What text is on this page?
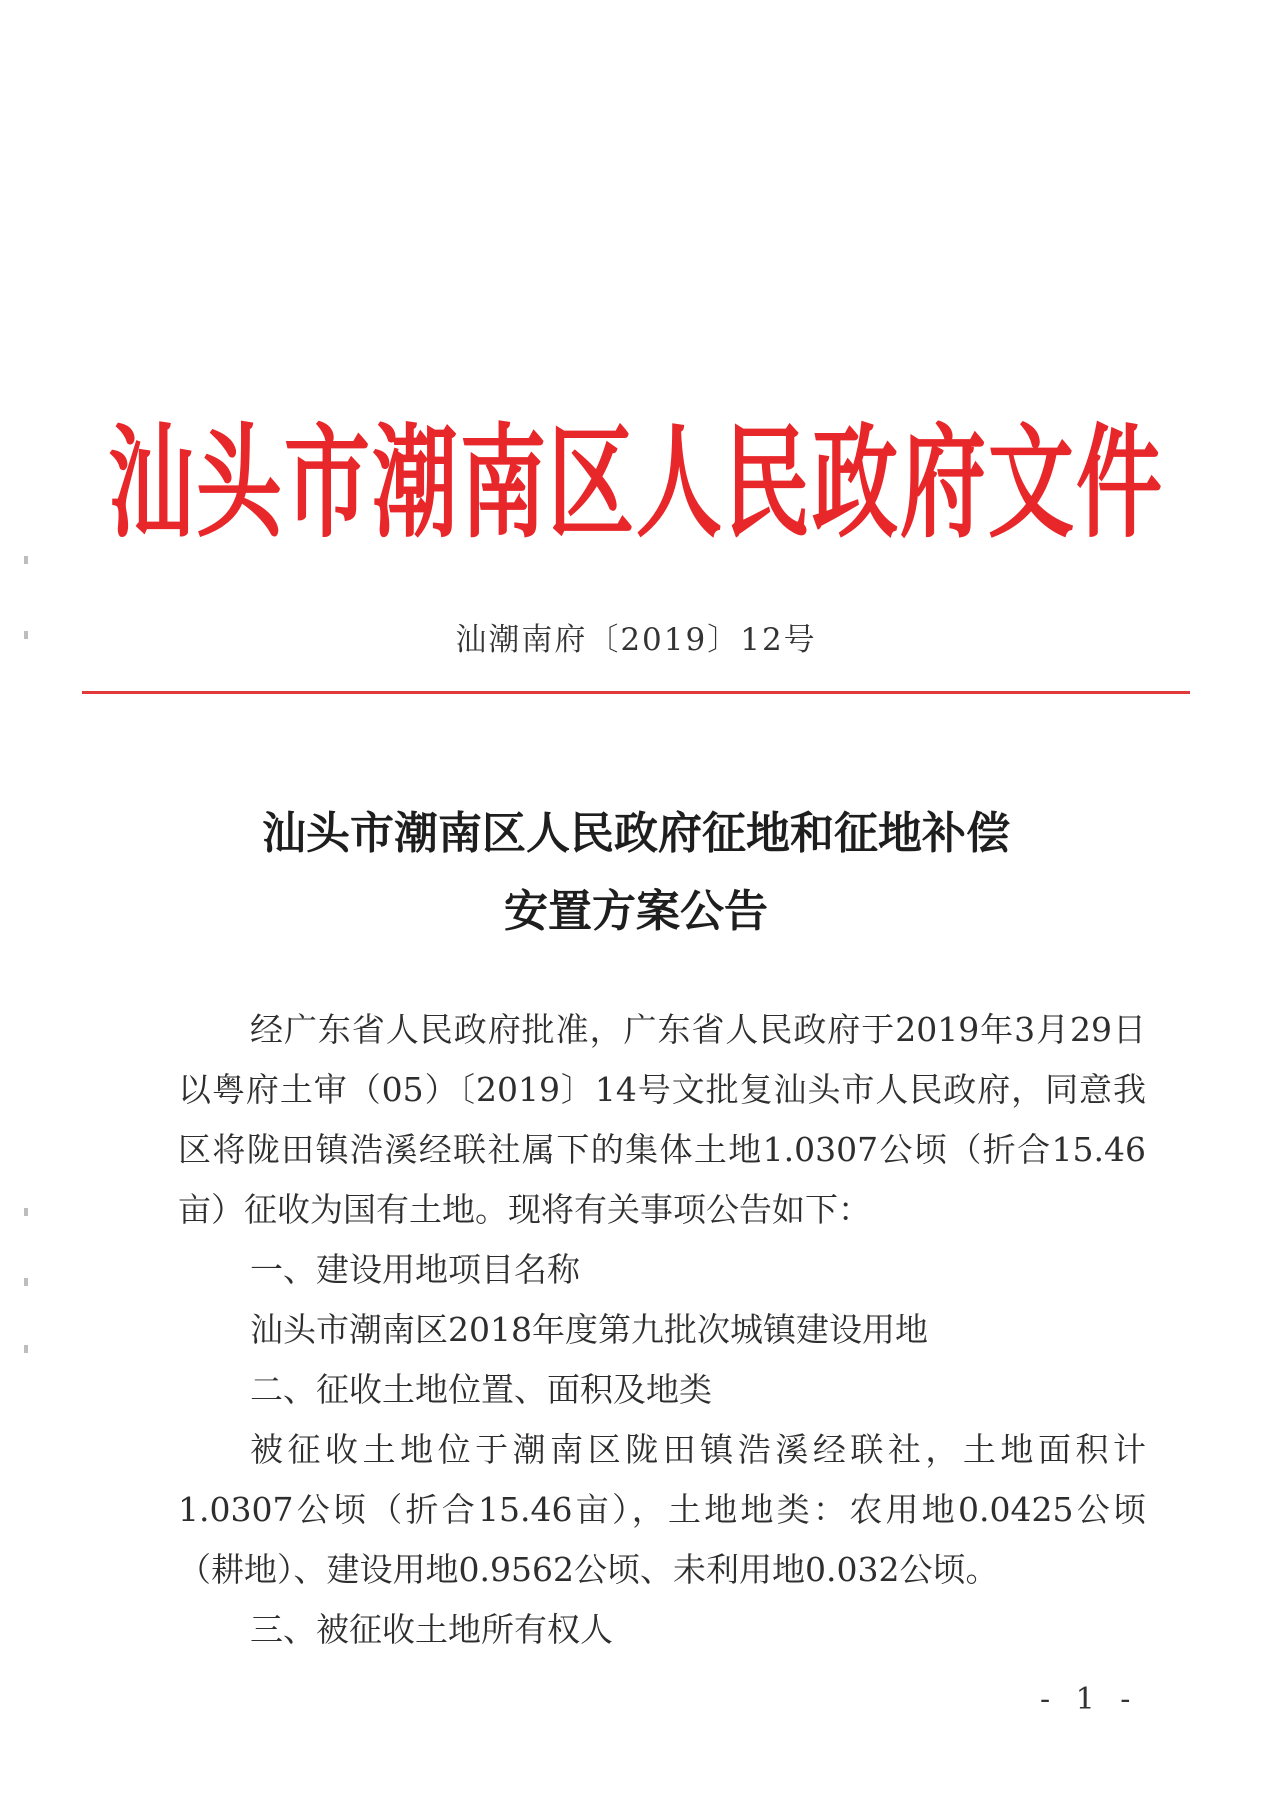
汕头市潮南区人民政府文件
汕潮南府〔2019〕12号
汕头市潮南区人民政府征地和征地补偿
安置方案公告

经广东省人民政府批准，广东省人民政府于2019年3月29日以粤府土审（05）〔2019〕14号文批复汕头市人民政府，同意我区将陇田镇浩溪经联社属下的集体土地1.0307公顷（折合15.46亩）征收为国有土地。现将有关事项公告如下：

一、建设用地项目名称

汕头市潮南区2018年度第九批次城镇建设用地

二、征收土地位置、面积及地类

被征收土地位于潮南区陇田镇浩溪经联社，土地面积计1.0307公顷（折合15.46亩），土地地类：农用地0.0425公顷（耕地）、建设用地0.9562公顷、未利用地0.032公顷。

三、被征收土地所有权人

- 1 -
